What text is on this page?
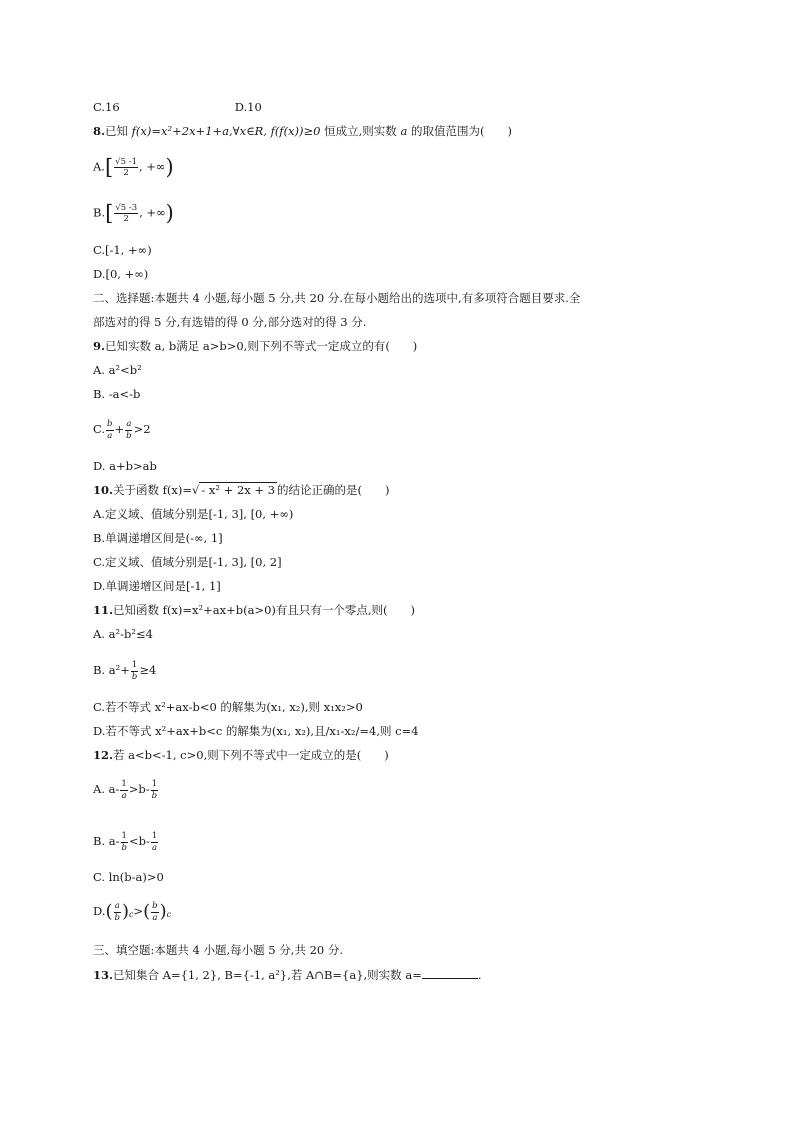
C.16	D.10
8.已知 f(x)=x²+2x+1+a,∀x∈R, f(f(x))≥0 恒成立,则实数 a 的取值范围为(　　)
$A.[ \frac{√5 -1}{2}$ , +∞)
$B.[ \frac{√5 -3}{2}$ , +∞)
C.[-1, +∞)
D.[0, +∞)
二、选择题:本题共 4 小题,每小题 5 分,共 20 分.在每小题给出的选项中,有多项符合题目要求.全
部选对的得 5 分,有选错的得 0 分,部分选对的得 3 分.
9.已知实数 a, b满足 a>b>0,则下列不等式一定成立的有(　　)
A. a²<b²
B. -a<-b
C. $\frac{b}{a} + \frac{a}{b} >2$
D. a+b>ab
10.关于函数 f(x)=√ - x² + 2x + 3 的结论正确的是(　　)
A.定义域、值域分别是[-1, 3], [0, +∞)
B.单调递增区间是(-∞, 1]
C.定义域、值域分别是[-1, 3], [0, 2]
D.单调递增区间是[-1, 1]
11.已知函数 f(x)=x²+ax+b(a>0)有且只有一个零点,则(　　)
A. a²-b²≤4
B. $a^2+ \frac{1}{b} \ge 4$
C.若不等式 x²+ax-b<0 的解集为(x₁, x₂),则 x₁x₂>0
D.若不等式 x²+ax+b<c 的解集为(x₁, x₂),且/x₁-x₂/=4,则 c=4
12.若 a<b<-1, c>0,则下列不等式中一定成立的是(　　)
A. $a- \frac{1}{a} >b- \frac{1}{b}$
B. $a- \frac{1}{b} <b- \frac{1}{a}$
C. ln(b-a)>0
$D.( \frac{a}{b} )_c>( \frac{b}{a} )_c$
三、填空题:本题共 4 小题,每小题 5 分,共 20 分.
13.已知集合 A={1, 2}, B={-1, a²},若 A∩B={a},则实数 a=	.
